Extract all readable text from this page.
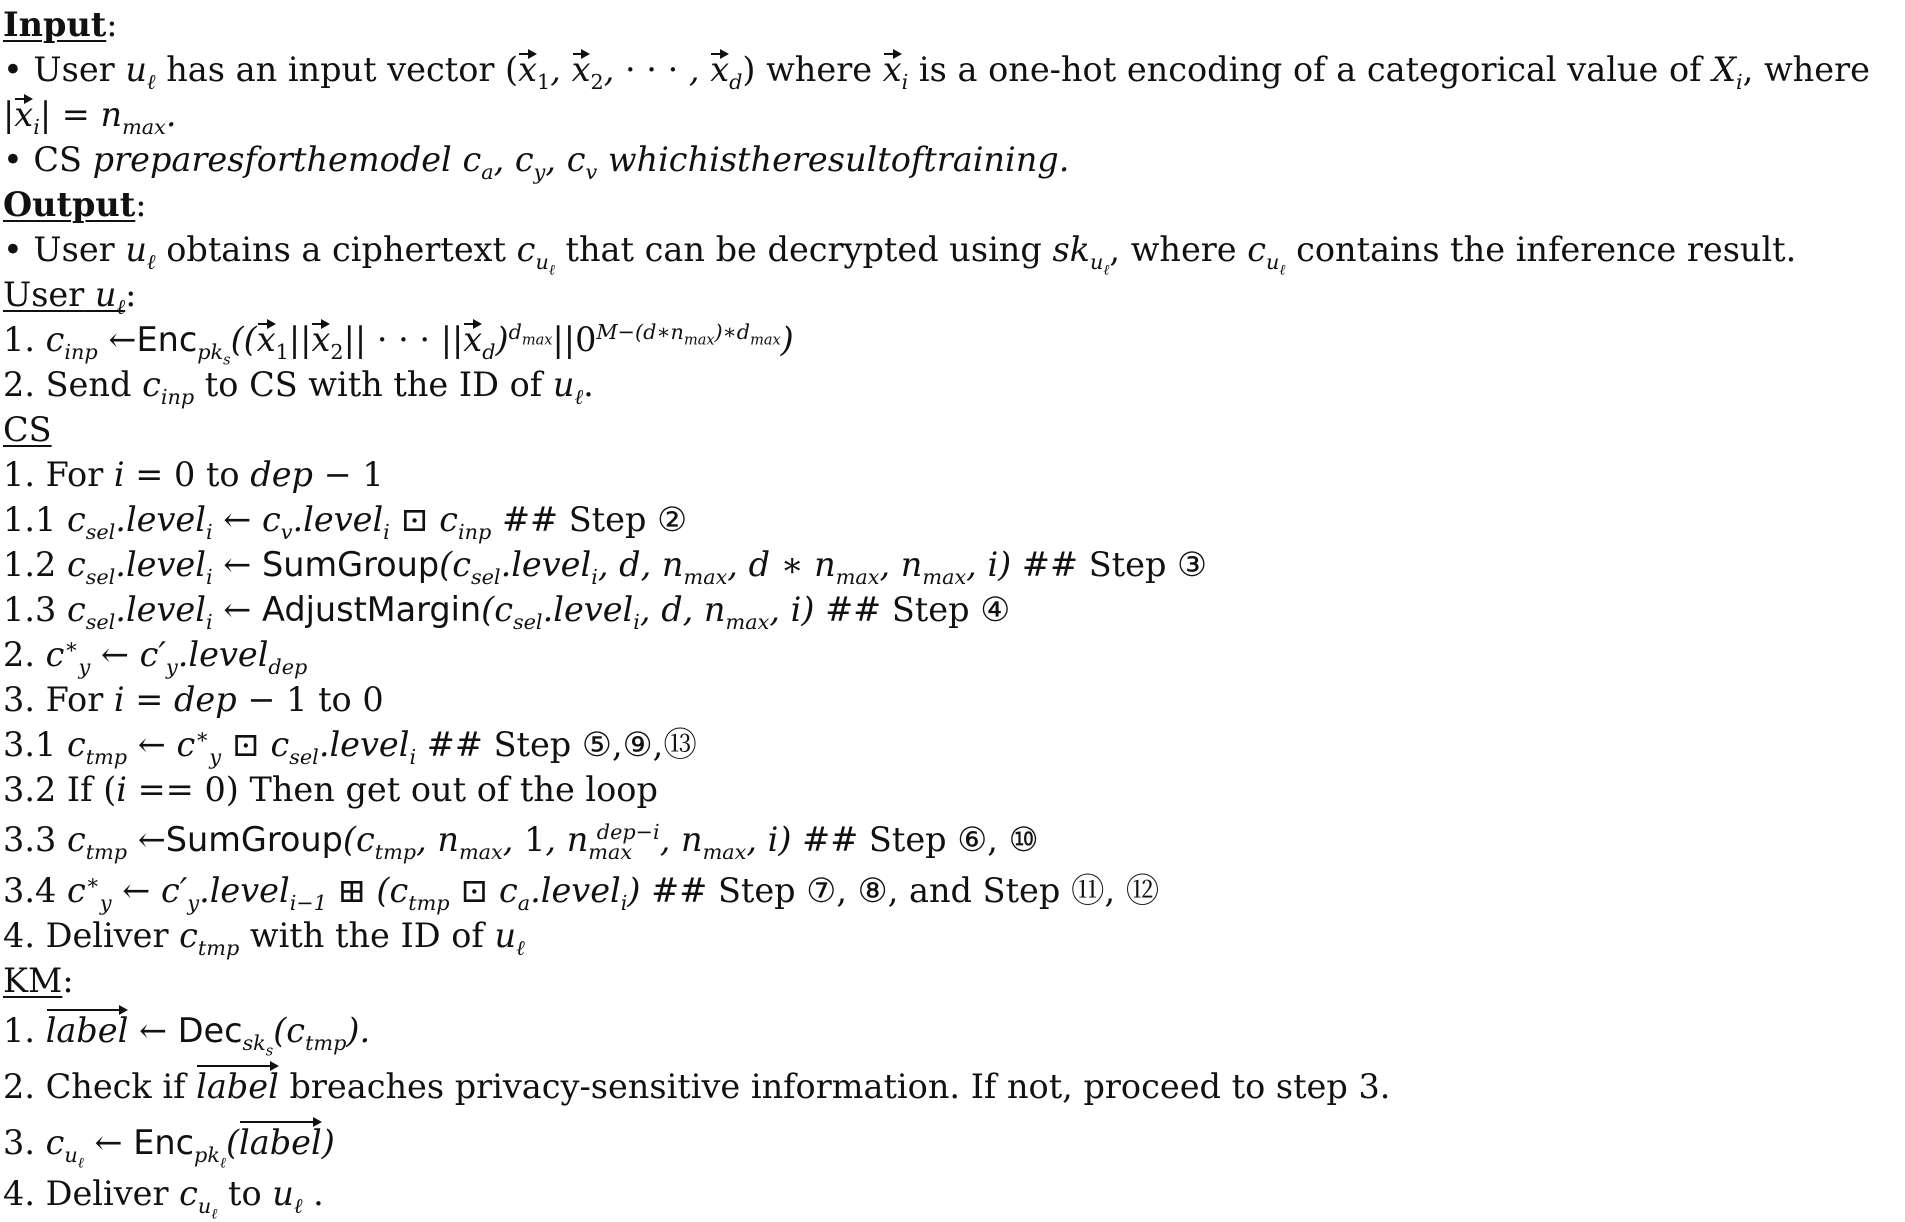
Input:
• User $u_\ell$ has an input vector ($x_1$, $x_2$, · · · , $x_d$) where $x_i$ is a one-hot encoding of a categorical value of $X_i$, where
$|x_i| = n_{max}$.
• CS preparesforthemodel $c_a$, $c_y$, $c_v$ whichistheresultoftraining.
Output:
• User $u_\ell$ obtains a ciphertext $c_{u_\ell}$ that can be decrypted using $sk_{u_\ell}$, where $c_{u_\ell}$ contains the inference result.
User $u_\ell$:
1. $c_{inp}$ $\leftarrow Enc_{pk_s}((x_1||x_2||$ · · · $||x_d)^{d_{max}}||0^{M-(d∗n_{max})∗d_{max}}$)
2. Send $c_{inp}$ to CS with the ID of $u_\ell$.
CS
1. For i = 0 to dep − 1
1.1 $c_{sel}.level_i$ ← $c_v.level_i$ ⊡ $c_{inp}$ ## Step ②
1.2 $c_{sel}.level_i$ ← $SumGroup(c_{sel}.level_i$, d, $n_{max}$, d ∗ $n_{max}$, $n_{max}$, i) ## Step ③
1.3 $c_{sel}.level_i$ ← $AdjustMargin(c_{sel}.level_i$, d, $n_{max}$, i) ## Step ④
2. $c^∗_y$ ← $c'_y.level_{dep}$
3. For i = dep − 1 to 0
3.1 $c_{tmp}$ ← $c^∗_y$ ⊡ $c_{sel}.level_i$ ## Step ⑤,⑨,⑬
3.2 If (i == 0) Then get out of the loop
3.3 $c_{tmp}$ $\leftarrow SumGroup(c_{tmp}$, $n_{max}$, 1, $n_{max}^{dep-i}$, $n_{max}$, i) ## Step ⑥, ⑩
3.4 $c^∗_y$ ← $c'_y.level_{i-1}$ ⊞ ($c_{tmp}$ ⊡ $c_a.level_i$) ## Step ⑦, ⑧, and Step ⑪, ⑫
4. Deliver $c_{tmp}$ with the ID of $u_\ell$
KM:
1. label ← $Dec_{sk_s}(c_{tmp})$.
2. Check if label breaches privacy-sensitive information. If not, proceed to step 3.
3. $c_{u_\ell}$ ← Enc$_{pk_\ell}$(label)
4. Deliver $c_{u_\ell}$ to $u_\ell$ .
